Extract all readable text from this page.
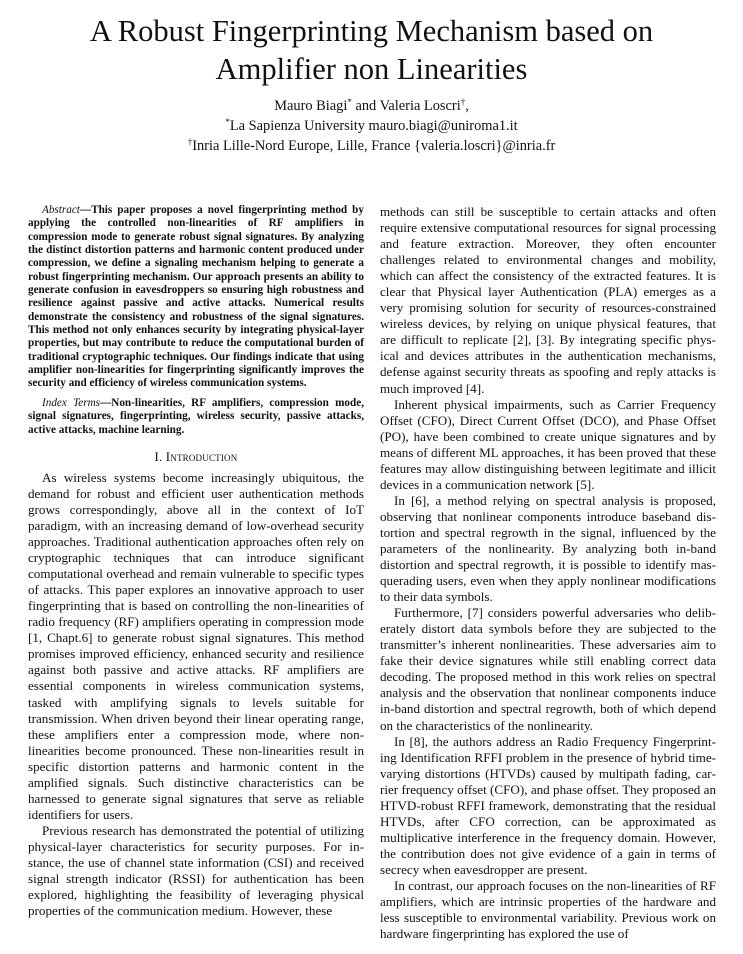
A Robust Fingerprinting Mechanism based on
Amplifier non Linearities
Mauro Biagi* and Valeria Loscri†,
*La Sapienza University mauro.biagi@uniroma1.it
†Inria Lille-Nord Europe, Lille, France {valeria.loscri}@inria.fr

Abstract—This paper proposes a novel fingerprinting method by applying the controlled non-linearities of RF amplifiers in compression mode to generate robust signal signatures. By analyzing the distinct distortion patterns and harmonic content produced under compression, we define a signaling mechanism helping to generate a robust fingerprinting mechanism. Our approach presents an ability to generate confusion in eavesdroppers so ensuring high robustness and resilience against passive and active attacks. Numerical results demonstrate the consistency and robustness of the signal signatures. This method not only enhances security by integrating physical-layer properties, but may contribute to reduce the computational burden of traditional cryptographic techniques. Our findings indicate that using amplifier non-linearities for fingerprinting significantly improves the security and efficiency of wireless communication systems.

Index Terms—Non-linearities, RF amplifiers, compression mode, signal signatures, fingerprinting, wireless security, passive attacks, active attacks, machine learning.

I. Introduction

As wireless systems become increasingly ubiquitous, the demand for robust and efficient user authentication methods grows correspondingly, above all in the context of IoT paradigm, with an increasing demand of low-overhead security approaches. Traditional authentication approaches often rely on cryptographic techniques that can introduce significant computational overhead and remain vulnerable to specific types of attacks. This paper explores an innovative approach to user fingerprinting that is based on controlling the non-linearities of radio frequency (RF) amplifiers operating in compression mode [1, Chapt.6] to generate robust signal signatures. This method promises improved efficiency, enhanced security and resilience against both passive and active attacks. RF amplifiers are essential components in wireless communication systems, tasked with amplifying signals to levels suitable for transmission. When driven beyond their linear operating range, these amplifiers enter a compression mode, where non-linearities become pronounced. These non-linearities result in specific distortion patterns and harmonic content in the amplified signals. Such distinctive characteristics can be harnessed to generate signal signatures that serve as reliable identifiers for users.

Previous research has demonstrated the potential of utilizing physical-layer characteristics for security purposes. For instance, the use of channel state information (CSI) and received signal strength indicator (RSSI) for authentication has been explored, highlighting the feasibility of leveraging physical properties of the communication medium. However, these

methods can still be susceptible to certain attacks and often require extensive computational resources for signal processing and feature extraction. Moreover, they often encounter challenges related to environmental changes and mobility, which can affect the consistency of the extracted features. It is clear that Physical layer Authentication (PLA) emerges as a very promising solution for security of resources-constrained wireless devices, by relying on unique physical features, that are difficult to replicate [2], [3]. By integrating specific physical and devices attributes in the authentication mechanisms, defense against security threats as spoofing and reply attacks is much improved [4].

Inherent physical impairments, such as Carrier Frequency Offset (CFO), Direct Current Offset (DCO), and Phase Offset (PO), have been combined to create unique signatures and by means of different ML approaches, it has been proved that these features may allow distinguishing between legitimate and illicit devices in a communication network [5].

In [6], a method relying on spectral analysis is proposed, observing that nonlinear components introduce baseband distortion and spectral regrowth in the signal, influenced by the parameters of the nonlinearity. By analyzing both in-band distortion and spectral regrowth, it is possible to identify masquerading users, even when they apply nonlinear modifications to their data symbols.

Furthermore, [7] considers powerful adversaries who deliberately distort data symbols before they are subjected to the transmitter’s inherent nonlinearities. These adversaries aim to fake their device signatures while still enabling correct data decoding. The proposed method in this work relies on spectral analysis and the observation that nonlinear components induce in-band distortion and spectral regrowth, both of which depend on the characteristics of the nonlinearity.

In [8], the authors address an Radio Frequency Fingerprinting Identification RFFI problem in the presence of hybrid time-varying distortions (HTVDs) caused by multipath fading, carrier frequency offset (CFO), and phase offset. They proposed an HTVD-robust RFFI framework, demonstrating that the residual HTVDs, after CFO correction, can be approximated as multiplicative interference in the frequency domain. However, the contribution does not give evidence of a gain in terms of secrecy when eavesdropper are present.

In contrast, our approach focuses on the non-linearities of RF amplifiers, which are intrinsic properties of the hardware and less susceptible to environmental variability. Previous work on hardware fingerprinting has explored the use of
